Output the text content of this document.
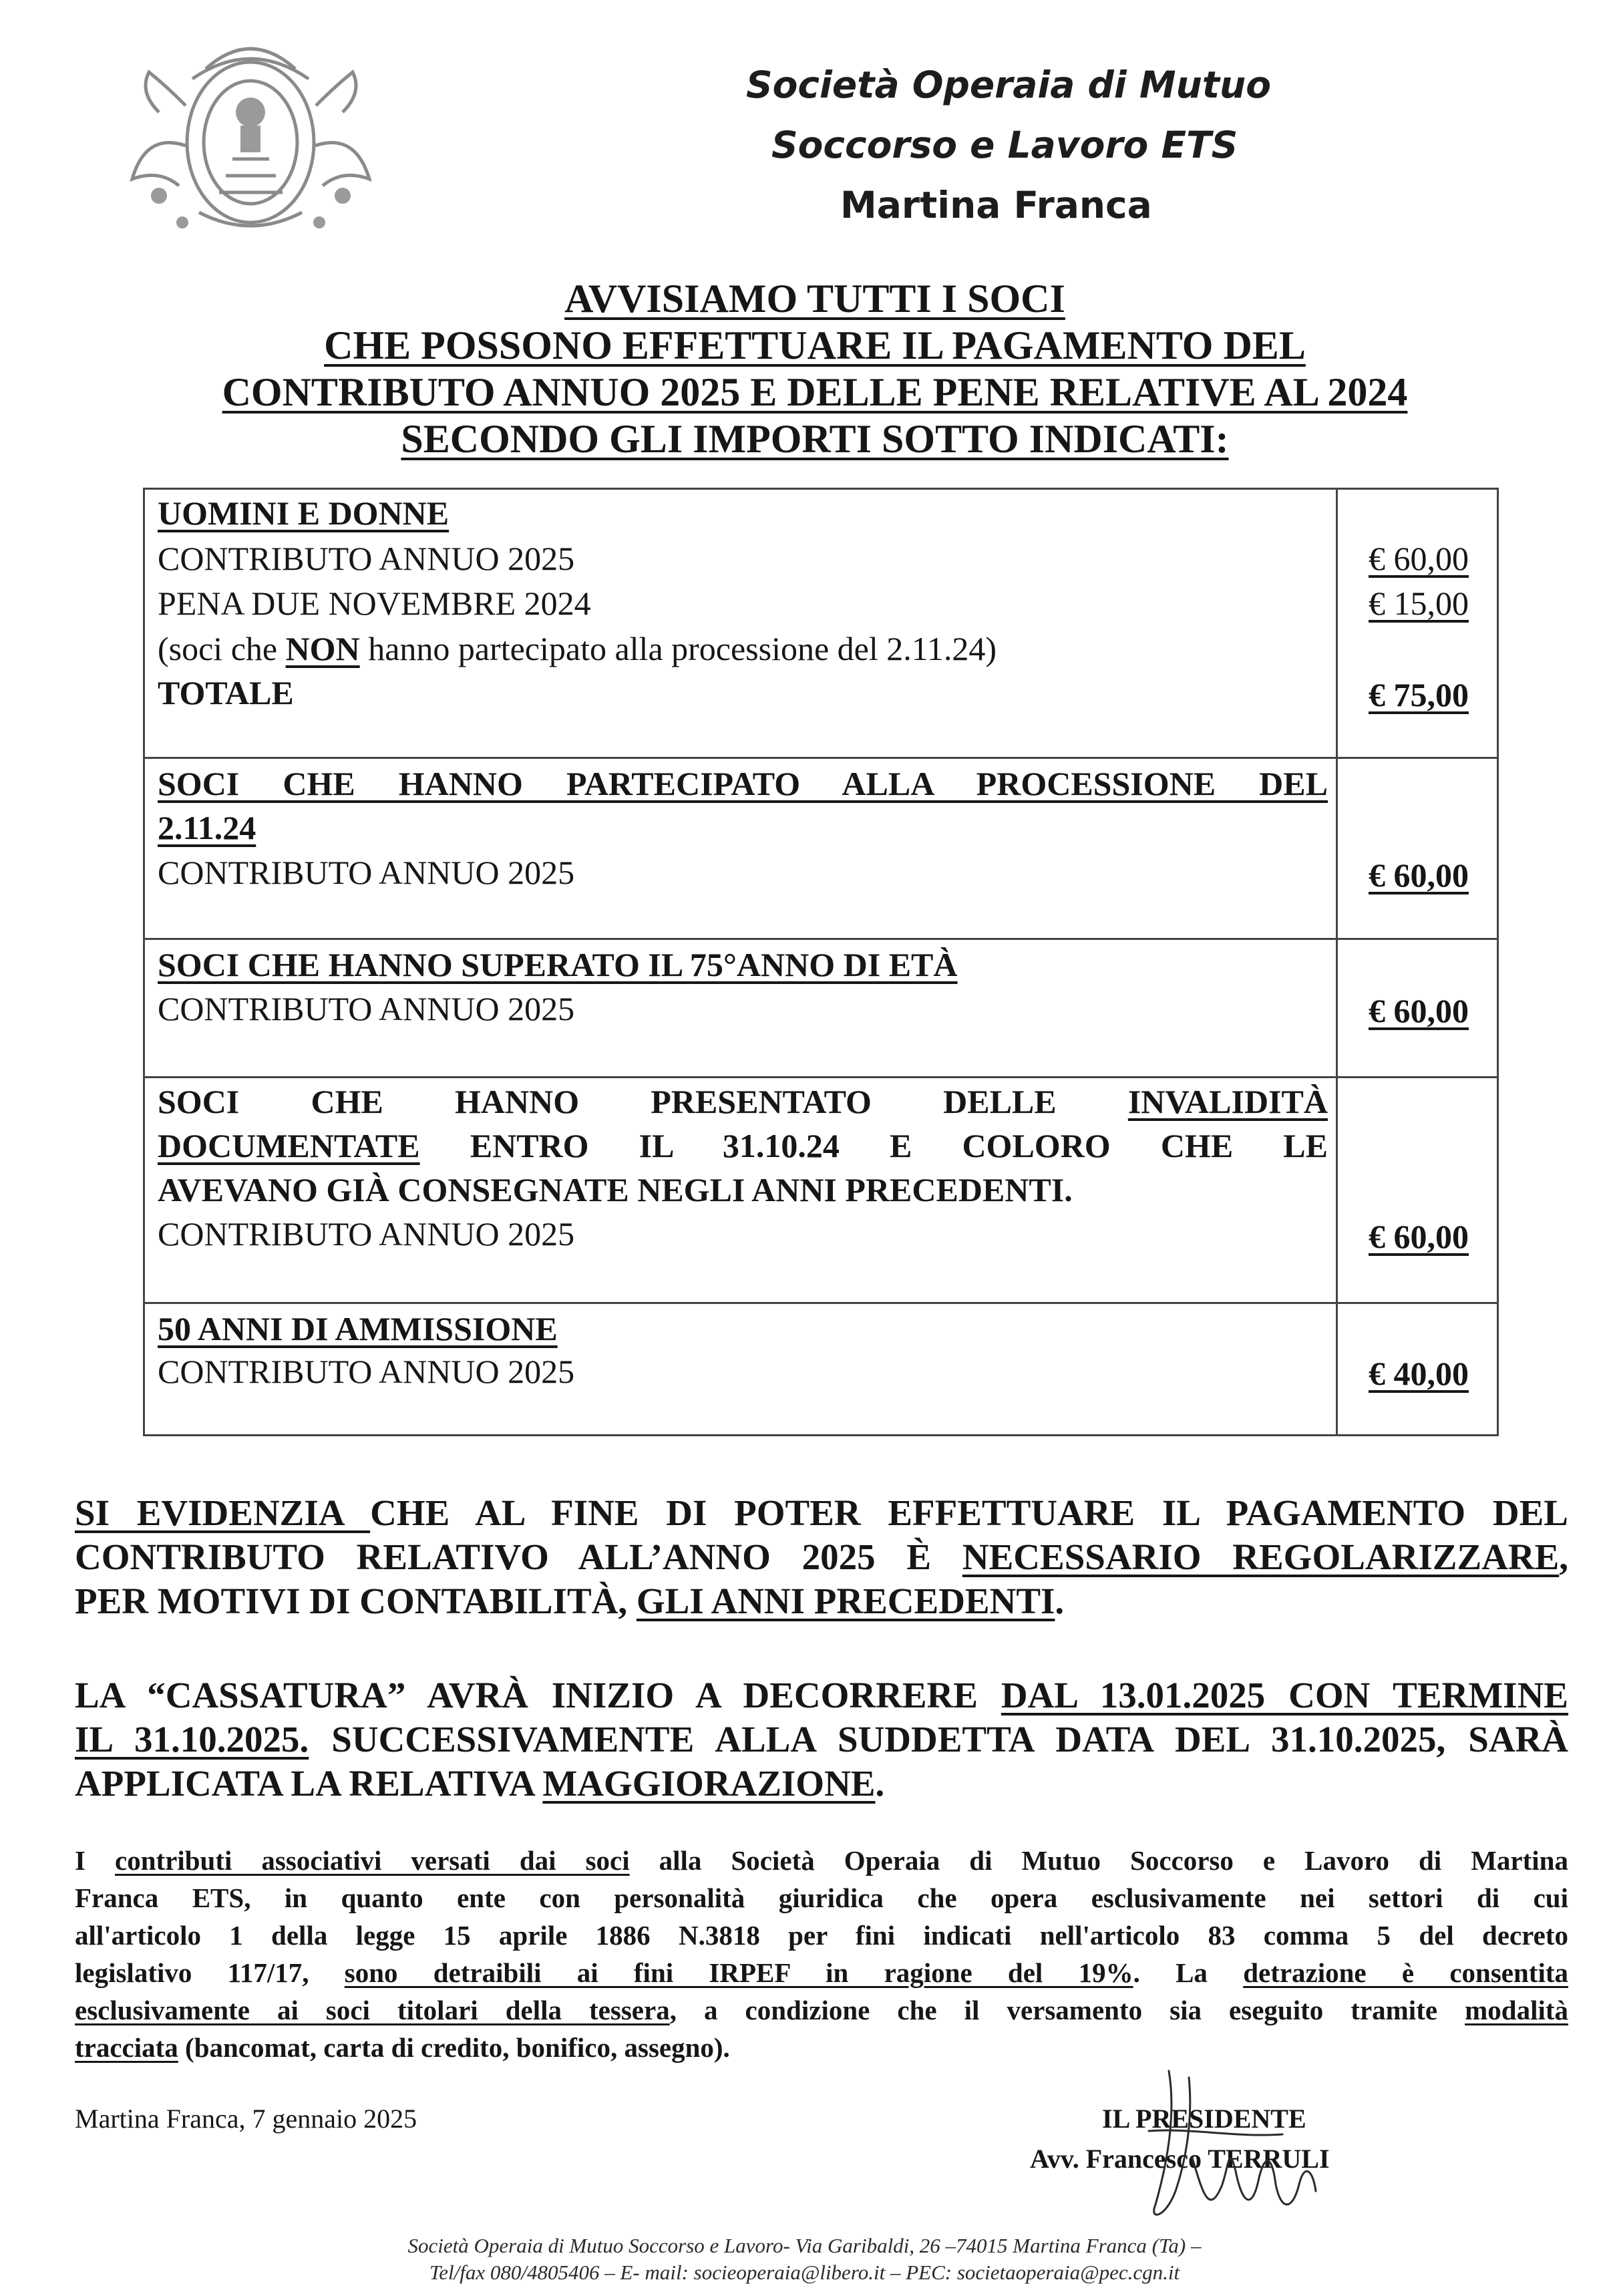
Società Operaia di Mutuo
Soccorso e Lavoro ETS
Martina Franca
AVVISIAMO TUTTI I SOCI
CHE POSSONO EFFETTUARE IL PAGAMENTO DEL
CONTRIBUTO ANNUO 2025 E DELLE PENE RELATIVE AL 2024
SECONDO GLI IMPORTI SOTTO INDICATI:
UOMINI E DONNE
CONTRIBUTO ANNUO 2025	€ 60,00
PENA DUE NOVEMBRE 2024	€ 15,00
(soci che NON hanno partecipato alla processione del 2.11.24)
TOTALE	€ 75,00
SOCI CHE HANNO PARTECIPATO ALLA PROCESSIONE DEL
2.11.24
CONTRIBUTO ANNUO 2025	€ 60,00
SOCI CHE HANNO SUPERATO IL 75°ANNO DI ETÀ
CONTRIBUTO ANNUO 2025	€ 60,00
SOCI CHE HANNO PRESENTATO DELLE INVALIDITÀ
DOCUMENTATE ENTRO IL 31.10.24 E COLORO CHE LE
AVEVANO GIÀ CONSEGNATE NEGLI ANNI PRECEDENTI.
CONTRIBUTO ANNUO 2025	€ 60,00
50 ANNI DI AMMISSIONE
CONTRIBUTO ANNUO 2025	€ 40,00
SI EVIDENZIA CHE AL FINE DI POTER EFFETTUARE IL PAGAMENTO DEL
CONTRIBUTO RELATIVO ALL’ANNO 2025 È NECESSARIO REGOLARIZZARE,
PER MOTIVI DI CONTABILITÀ, GLI ANNI PRECEDENTI.
LA “CASSATURA” AVRÀ INIZIO A DECORRERE DAL 13.01.2025 CON TERMINE
IL 31.10.2025. SUCCESSIVAMENTE ALLA SUDDETTA DATA DEL 31.10.2025, SARÀ
APPLICATA LA RELATIVA MAGGIORAZIONE.
I contributi associativi versati dai soci alla Società Operaia di Mutuo Soccorso e Lavoro di Martina
Franca ETS, in quanto ente con personalità giuridica che opera esclusivamente nei settori di cui
all'articolo 1 della legge 15 aprile 1886 N.3818 per fini indicati nell'articolo 83 comma 5 del decreto
legislativo 117/17, sono detraibili ai fini IRPEF in ragione del 19%. La detrazione è consentita
esclusivamente ai soci titolari della tessera, a condizione che il versamento sia eseguito tramite modalità
tracciata (bancomat, carta di credito, bonifico, assegno).
Martina Franca, 7 gennaio 2025	IL PRESIDENTE
Avv. Francesco TERRULI
Società Operaia di Mutuo Soccorso e Lavoro- Via Garibaldi, 26 –74015 Martina Franca (Ta) –
Tel/fax 080/4805406 – E- mail: socieoperaia@libero.it – PEC: societaoperaia@pec.cgn.it
